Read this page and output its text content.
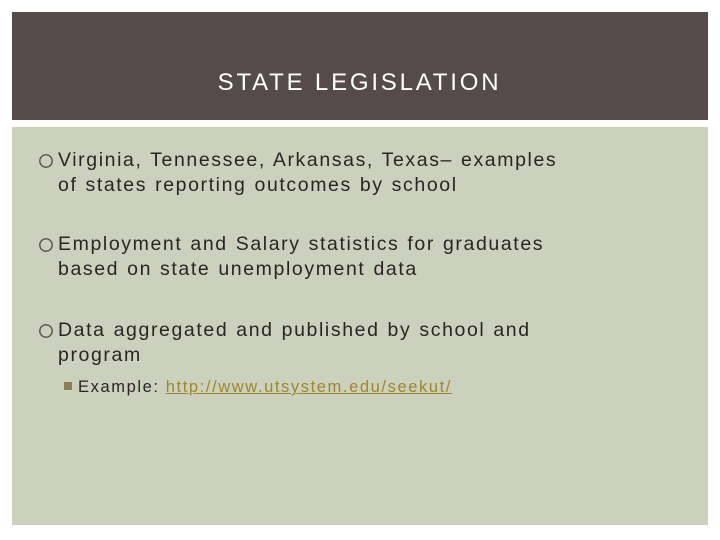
STATE LEGISLATION
Virginia, Tennessee, Arkansas, Texas– examples
of states reporting outcomes by school
Employment and Salary statistics for graduates
based on state unemployment data
Data aggregated and published by school and
program
Example: http://www.utsystem.edu/seekut/
